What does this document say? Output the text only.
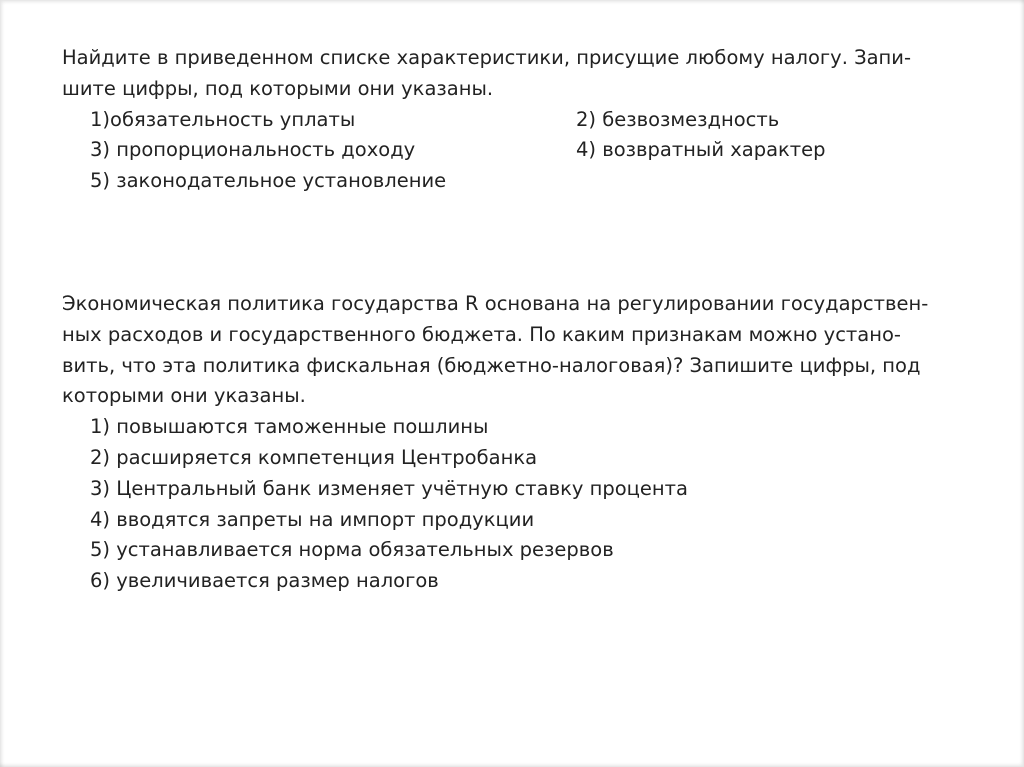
Найдите в приведенном списке характеристики, присущие любому налогу. Запи-

шите цифры, под которыми они указаны.

1)обязательность уплаты	2) безвозмездность
3) пропорциональность доходу	4) возвратный характер
5) законодательное установление

Экономическая политика государства R основана на регулировании государствен-

ных расходов и государственного бюджета. По каким признакам можно устано-

вить, что эта политика фискальная (бюджетно-налоговая)? Запишите цифры, под

которыми они указаны.

1) повышаются таможенные пошлины

2) расширяется компетенция Центробанка

3) Центральный банк изменяет учётную ставку процента

4) вводятся запреты на импорт продукции

5) устанавливается норма обязательных резервов

6) увеличивается размер налогов
